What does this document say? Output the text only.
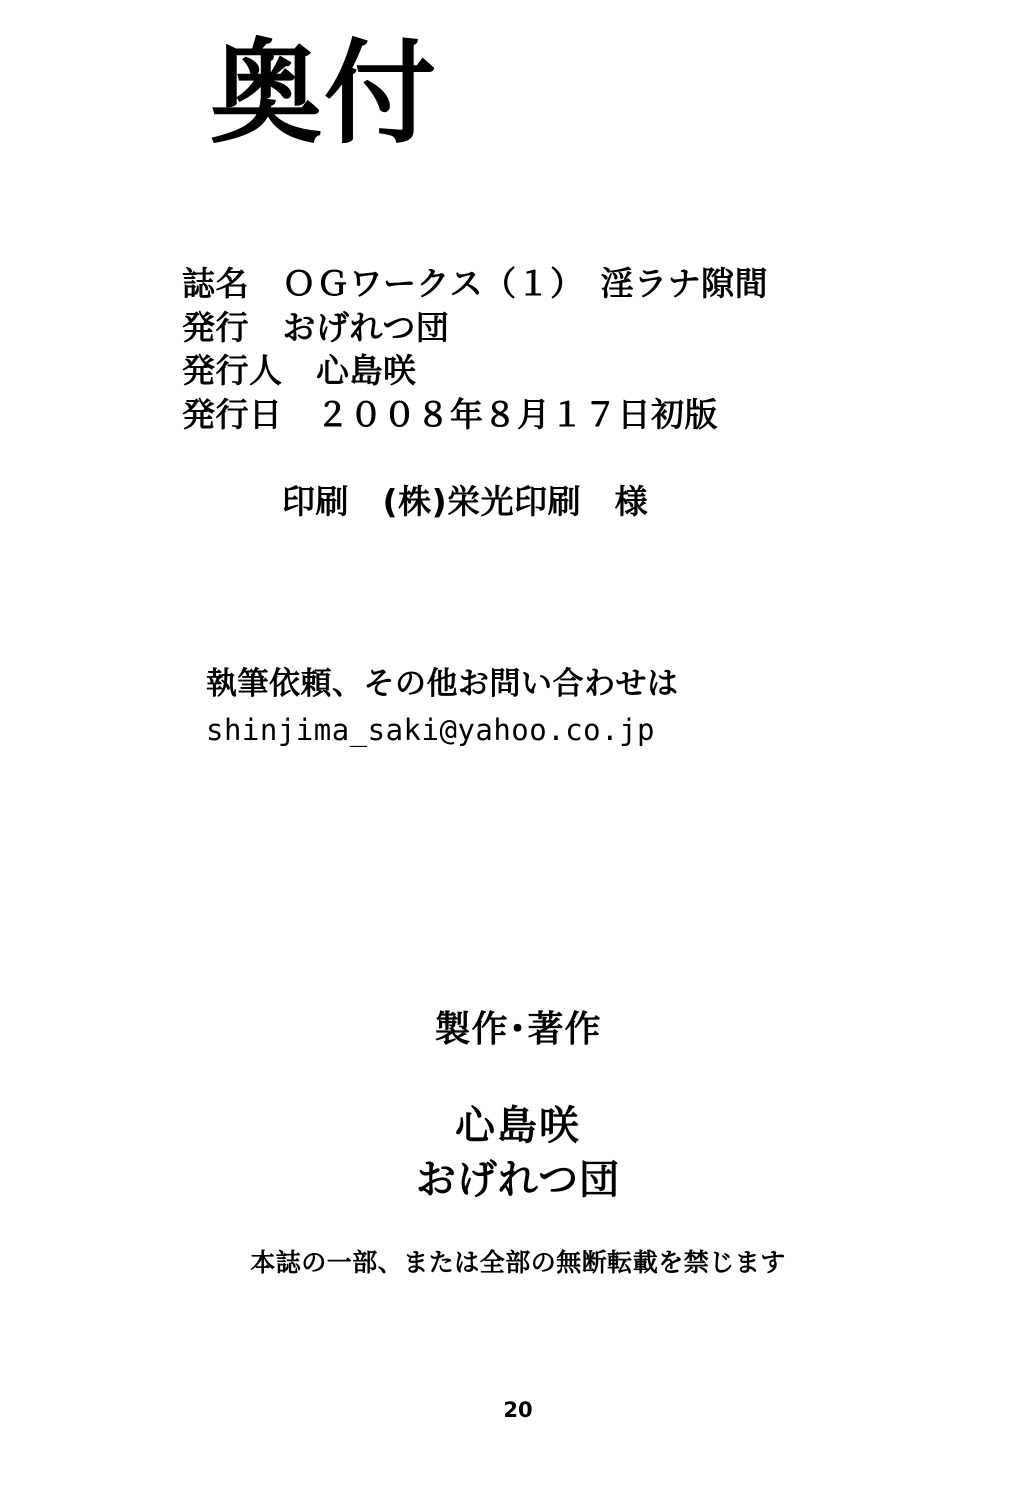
奥付
誌名　ＯＧワークス（１）　淫ラナ隙間
発行　おげれつ団
発行人　心島咲
発行日　２００８年８月１７日初版
印刷　(株)栄光印刷　様
執筆依頼、その他お問い合わせは
shinjima_saki@yahoo.co.jp
製作･著作
心島咲
おげれつ団
本誌の一部、または全部の無断転載を禁じます
20
